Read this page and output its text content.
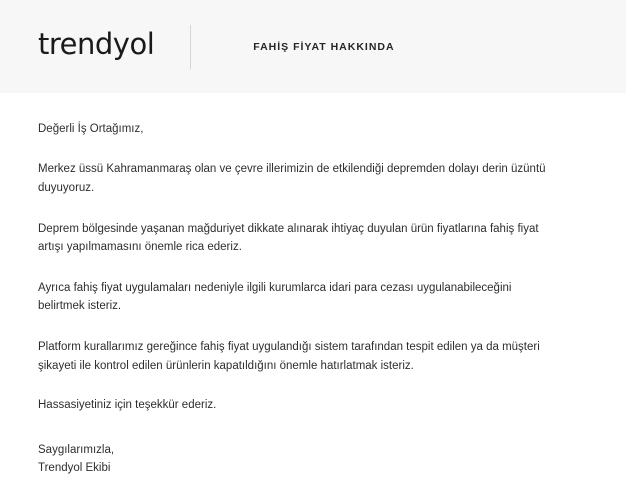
trendyol	FAHİŞ FİYAT HAKKINDA

Değerli İş Ortağımız,

Merkez üssü Kahramanmaraş olan ve çevre illerimizin de etkilendiği depremden dolayı derin üzüntü duyuyoruz.

Deprem bölgesinde yaşanan mağduriyet dikkate alınarak ihtiyaç duyulan ürün fiyatlarına fahiş fiyat artışı yapılmamasını önemle rica ederiz.

Ayrıca fahiş fiyat uygulamaları nedeniyle ilgili kurumlarca idari para cezası uygulanabileceğini belirtmek isteriz.

Platform kurallarımız gereğince fahiş fiyat uygulandığı sistem tarafından tespit edilen ya da müşteri şikayeti ile kontrol edilen ürünlerin kapatıldığını önemle hatırlatmak isteriz.

Hassasiyetiniz için teşekkür ederiz.

Saygılarımızla,
Trendyol Ekibi
